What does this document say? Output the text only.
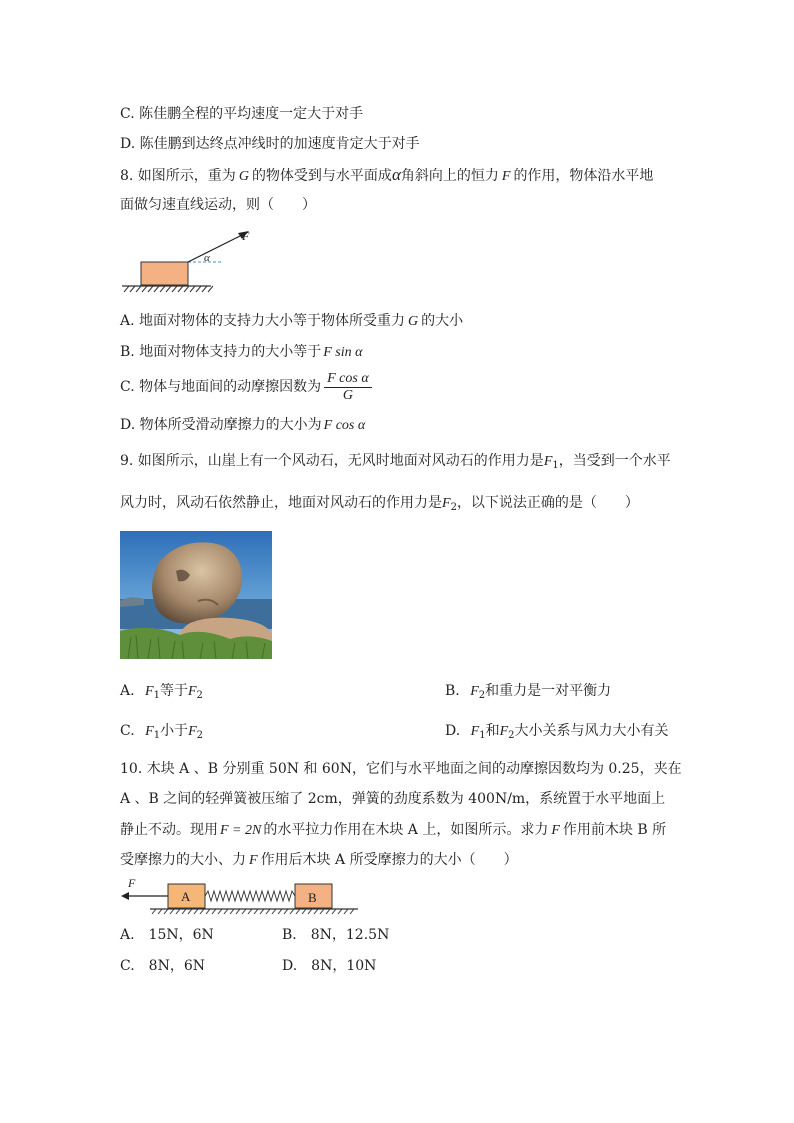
C. 陈佳鹏全程的平均速度一定大于对手
D. 陈佳鹏到达终点冲线时的加速度肯定大于对手
8. 如图所示，重为 G 的物体受到与水平面成α角斜向上的恒力 F 的作用，物体沿水平地
面做匀速直线运动，则（　　）
F
α
A. 地面对物体的支持力大小等于物体所受重力 G 的大小
B. 地面对物体支持力的大小等于 F sin α
C. 物体与地面间的动摩擦因数为 $\frac{\text{F cos α}}{G}$
D. 物体所受滑动摩擦力的大小为 F cos α
9. 如图所示，山崖上有一个风动石，无风时地面对风动石的作用力是$F_1$，当受到一个水平
风力时，风动石依然静止，地面对风动石的作用力是$F_2$，以下说法正确的是（　　）
A. $F_1$等于$F_2$	B. $F_2$和重力是一对平衡力
C. $F_1$小于$F_2$	D. $F_1$和$F_2$大小关系与风力大小有关
10. 木块 A 、B 分别重 50N 和 60N，它们与水平地面之间的动摩擦因数均为 0.25，夹在
A 、B 之间的轻弹簧被压缩了 2cm，弹簧的劲度系数为 400N/m，系统置于水平地面上
静止不动。现用 F = 2N 的水平拉力作用在木块 A 上，如图所示。求力 F 作用前木块 B 所
受摩擦力的大小、力 F 作用后木块 A 所受摩擦力的大小（　　）
F
A	B
A.　15N，6N	B.　8N，12.5N
C.　8N，6N	D.　8N，10N
